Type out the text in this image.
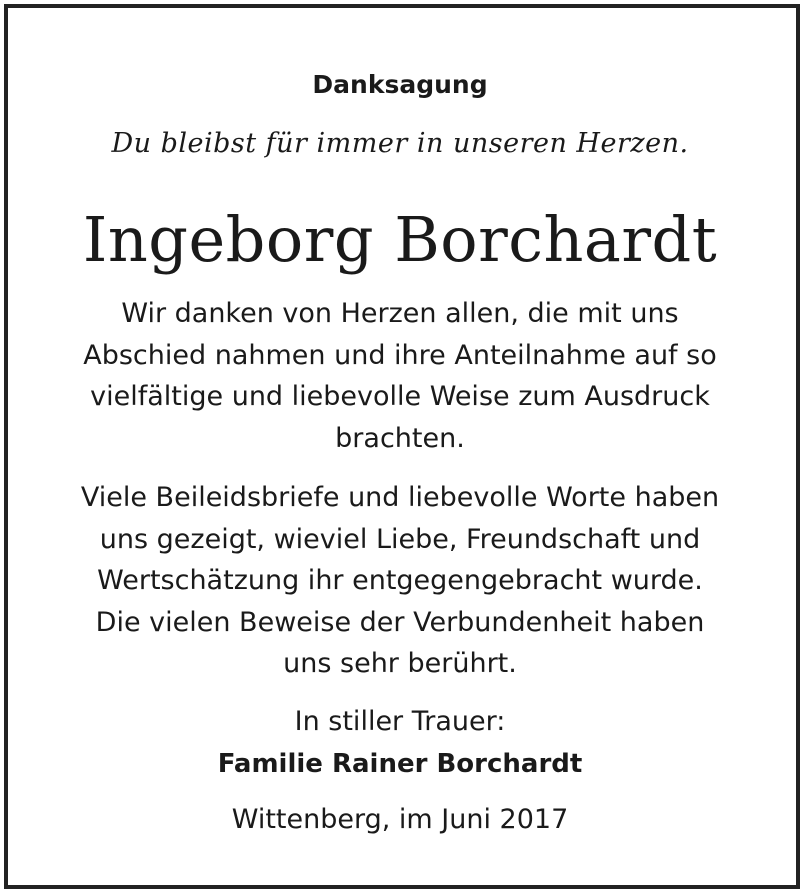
Danksagung

Du bleibst für immer in unseren Herzen.

Ingeborg Borchardt

Wir danken von Herzen allen, die mit uns
Abschied nahmen und ihre Anteilnahme auf so
vielfältige und liebevolle Weise zum Ausdruck
brachten.
Viele Beileidsbriefe und liebevolle Worte haben
uns gezeigt, wieviel Liebe, Freundschaft und
Wertschätzung ihr entgegengebracht wurde.
Die vielen Beweise der Verbundenheit haben
uns sehr berührt.

In stiller Trauer:

Familie Rainer Borchardt

Wittenberg, im Juni 2017
